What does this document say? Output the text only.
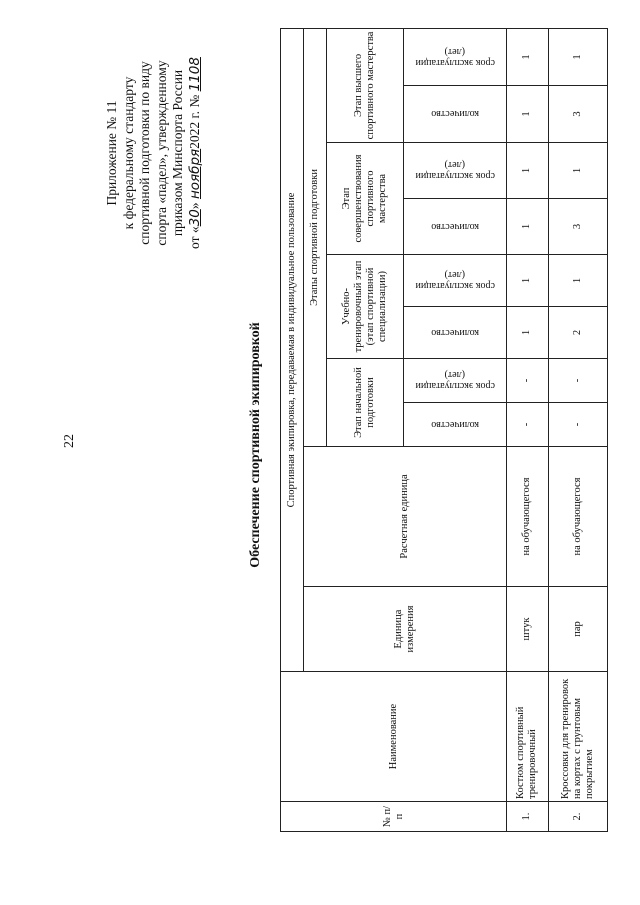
22
Приложение № 11 к федеральному стандарту спортивной подготовки по виду спорта «падел», утвержденному приказом Минспорта России
от «30» ноября2022 г. № 1108
Обеспечение спортивной экипировкой
№ п/п	Наименование	Спортивная экипировка, передаваемая в индивидуальное пользование									
		Единица измерения	Расчетная единица	Этапы спортивной подготовки							
				Этап начальной подготовки		Учебно-тренировочный этап (этап спортивной специализации)		Этап совершенствования спортивного мастерства		Этап высшего спортивного мастерства	

количество	срок эксплуатации (лет)	количество	срок эксплуатации (лет)	количество	срок эксплуатации (лет)	количество	срок эксплуатации (лет)

1.	Костюм спортивный тренировочный	штук	на обучающегося	-	-	1	1	1	1	1	1
2.	Кроссовки для тренировок на кортах с грунтовым покрытием	пар	на обучающегося	-	-	2	1	3	1	3	1
